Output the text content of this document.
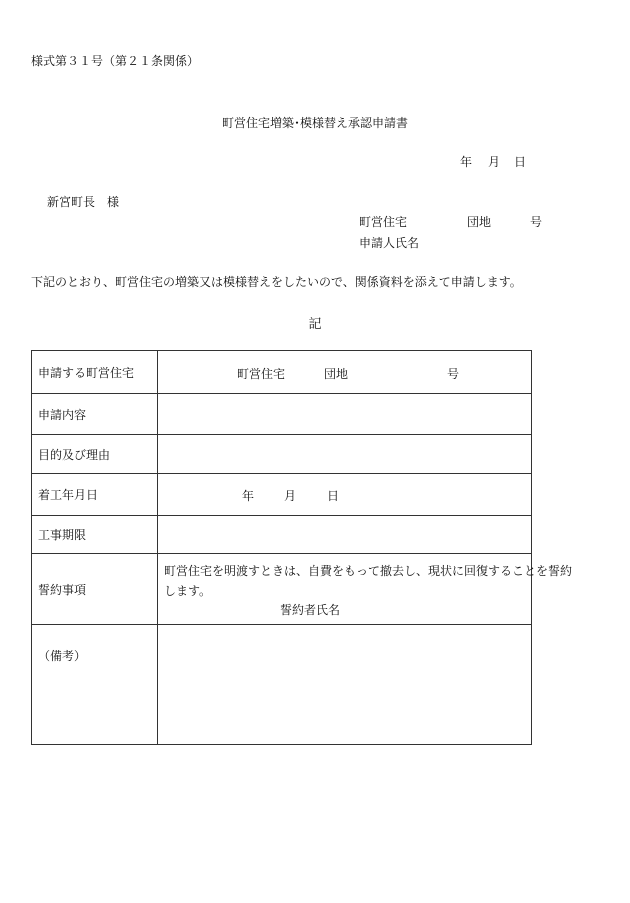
様式第３１号（第２１条関係）
町営住宅増築･模様替え承認申請書
年 月 日
新宮町長　様
町営住宅	団地	号
申請人氏名
下記のとおり、町営住宅の増築又は模様替えをしたいので、関係資料を添えて申請します。
記
申請する町営住宅	町営住宅 団地 号

申請内容	
目的及び理由	
着工年月日	年 月 日

工事期限	
誓約事項	町営住宅を明渡すときは、自費をもって撤去し、現状に回復することを誓約
します。
誓約者氏名

（備考）	
